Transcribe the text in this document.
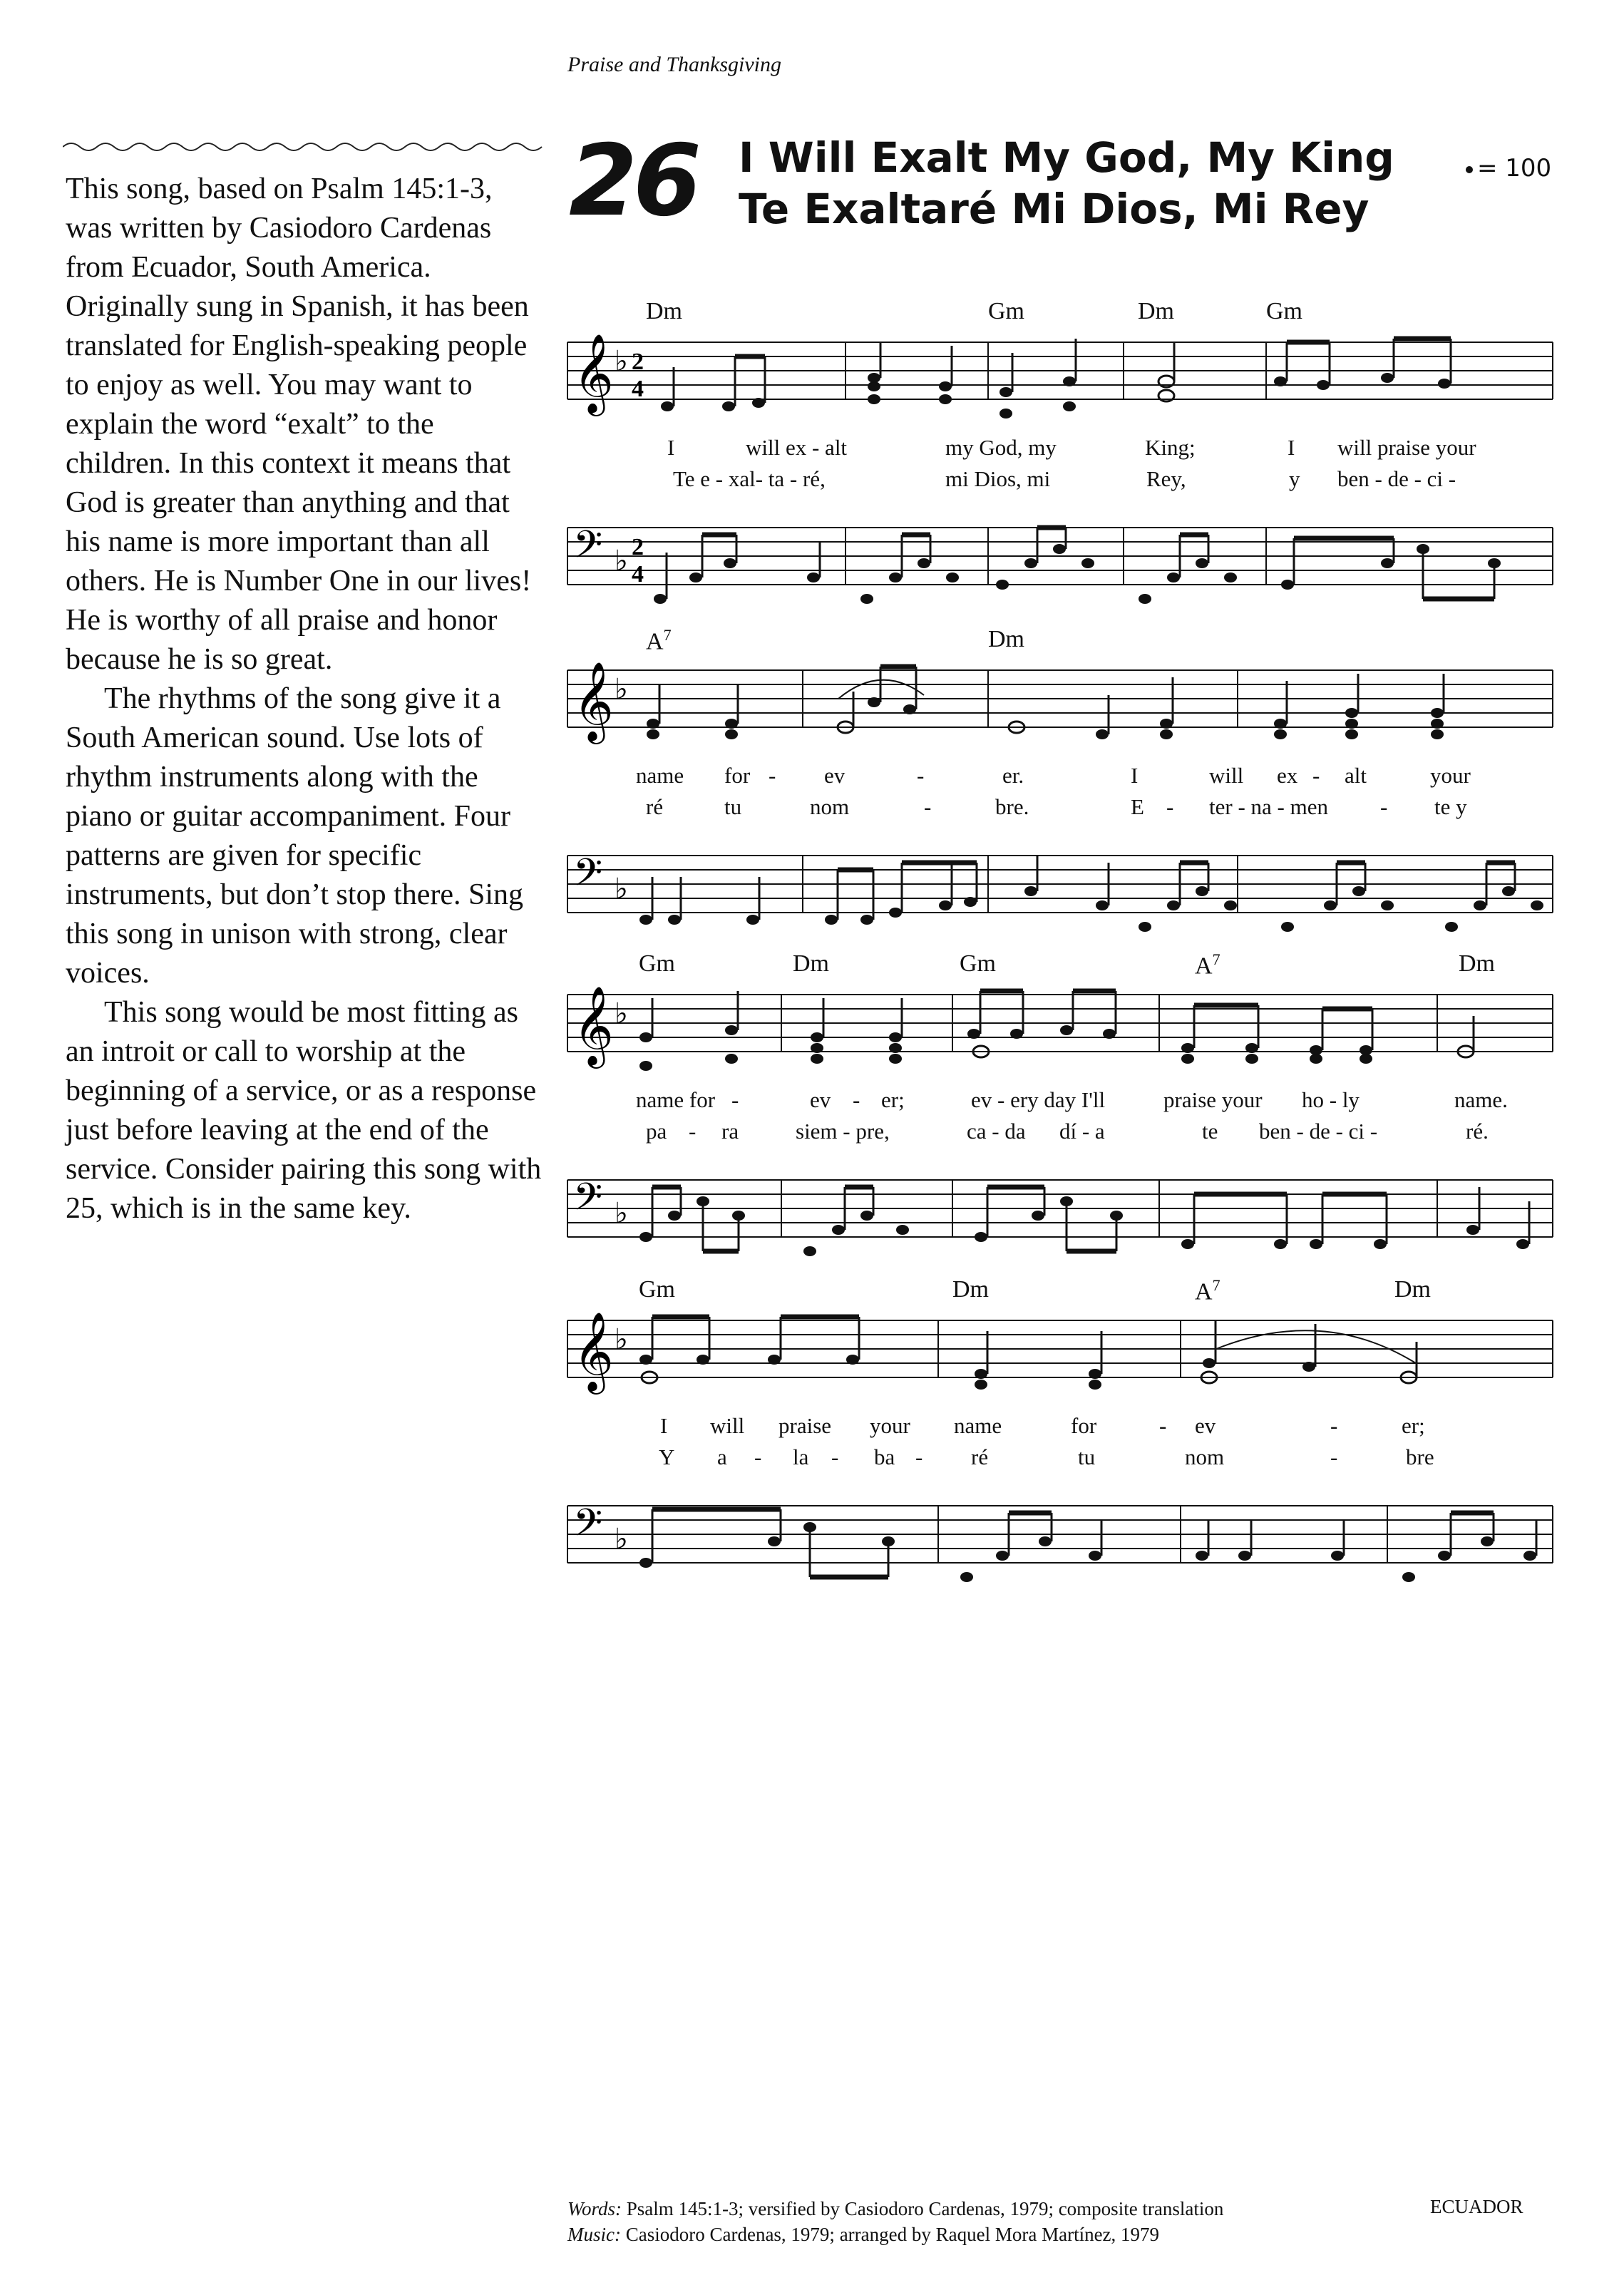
Praise and Thanksgiving

This song, based on Psalm 145:1-3, was written by Casiodoro Cardenas from Ecuador, South America. Originally sung in Spanish, it has been translated for English-speaking people to enjoy as well. You may want to explain the word “exalt” to the children. In this context it means that God is greater than anything and that his name is more important than all others. He is Number One in our lives! He is worthy of all praise and honor because he is so great.

The rhythms of the song give it a South American sound. Use lots of rhythm instruments along with the piano or guitar accompaniment. Four patterns are given for specific instruments, but don’t stop there. Sing this song in unison with strong, clear voices.

This song would be most fitting as an introit or call to worship at the beginning of a service, or as a response just before leaving at the end of the service. Consider pairing this song with 25, which is in the same key.

26 I Will Exalt My God, My King
Te Exaltaré Mi Dios, Mi Rey
= 100
Dm	Gm	Dm	Gm
𝄞 ♭ 2
4
I	will ex - alt	my God, my	King;	I will praise your
Te e - xal- ta - ré,	mi Dios, mi	Rey,	y ben - de - ci -
𝄢 ♭ 2
4
$A^7$	Dm
𝄞 ♭
name for - ev	-	er.	I	will ex - alt	your
ré	tu	nom	-	bre.	E - ter - na - men - te y
𝄢 ♭
Gm	Dm	Gm	$A^7$	Dm
𝄞 ♭
name for -	ev - er;	ev - ery day I'll	praise your ho - ly	name.
pa - ra	siem - pre,	ca - da dí - a	te ben - de - ci -	ré.
𝄢 ♭
Gm	Dm	$A^7$	Dm
𝄞 ♭
I will praise your name	for	- ev	-	er;
Y a - la - ba - ré	tu	nom	-	bre
𝄢 ♭
Words: Psalm 145:1-3; versified by Casiodoro Cardenas, 1979; composite translation
Music: Casiodoro Cardenas, 1979; arranged by Raquel Mora Martínez, 1979
ECUADOR
